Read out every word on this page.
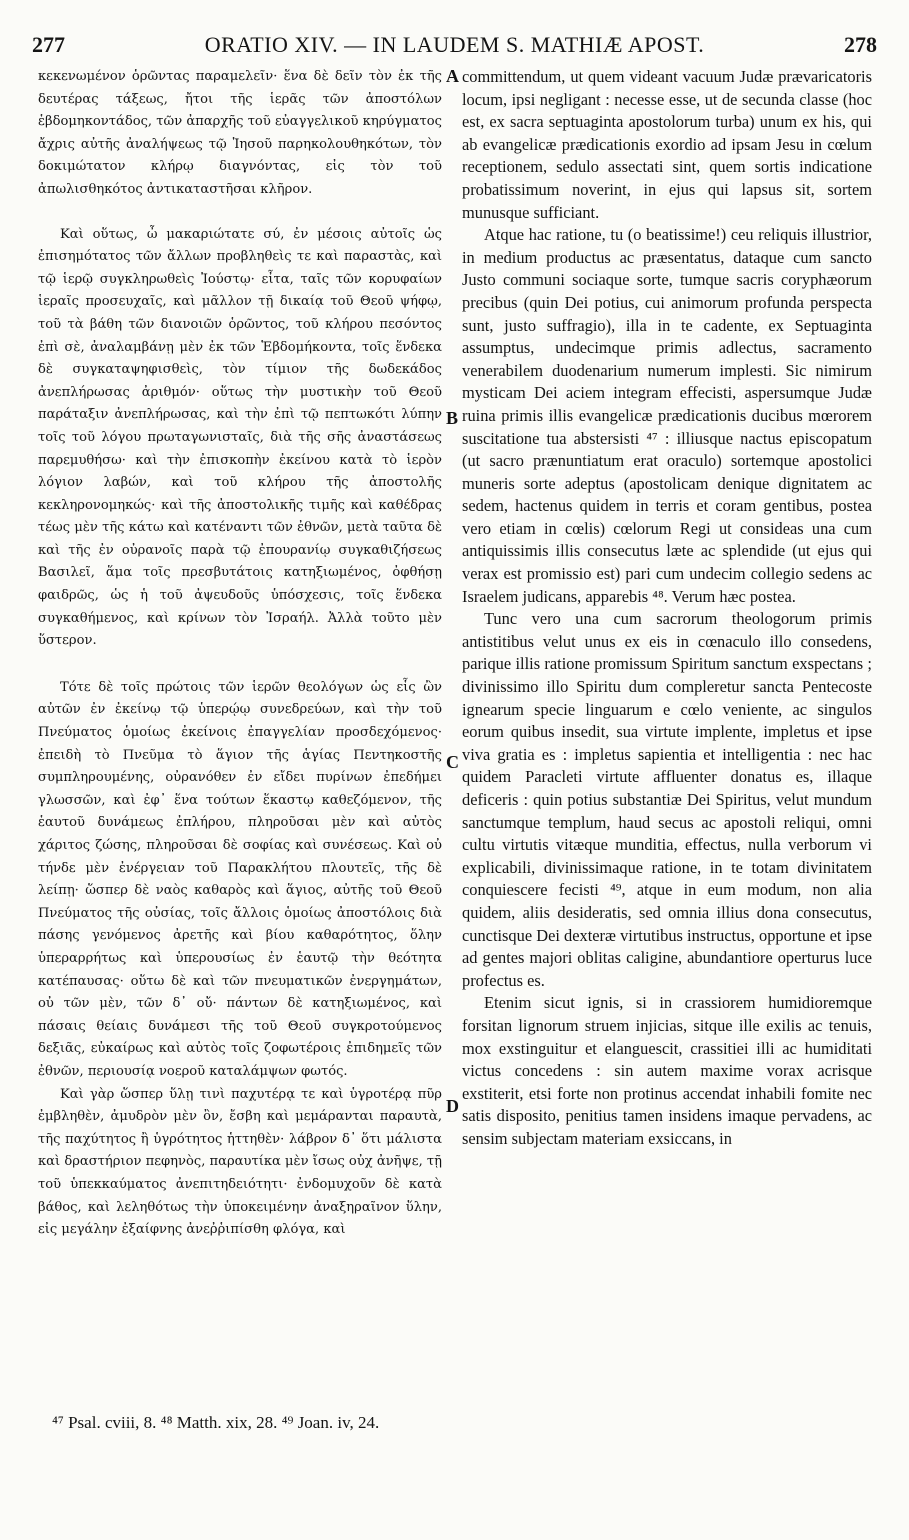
277	ORATIO XIV. — IN LAUDEM S. MATHIÆ APOST.	278

κεκενωμένον ὁρῶντας παραμελεῖν· ἕνα δὲ δεῖν τὸν ἐκ τῆς δευτέρας τάξεως, ἤτοι τῆς ἱερᾶς τῶν ἀποστόλων ἑβδομηκοντάδος, τῶν ἀπαρχῆς τοῦ εὐαγγελικοῦ κηρύγματος ἄχρις αὐτῆς ἀναλήψεως τῷ Ἰησοῦ παρηκολουθηκότων, τὸν δοκιμώτατον κλήρῳ διαγνόντας, εἰς τὸν τοῦ ἀπωλισθηκότος ἀντικαταστῆσαι κλῆρον.

Καὶ οὕτως, ὦ μακαριώτατε σύ, ἐν μέσοις αὐτοῖς ὡς ἐπισημότατος τῶν ἄλλων προβληθεὶς τε καὶ παραστὰς, καὶ τῷ ἱερῷ συγκληρωθεὶς Ἰούστῳ· εἶτα, ταῖς τῶν κορυφαίων ἱεραῖς προσευχαῖς, καὶ μᾶλλον τῇ δικαίᾳ τοῦ Θεοῦ ψήφῳ, τοῦ τὰ βάθη τῶν διανοιῶν ὁρῶντος, τοῦ κλήρου πεσόντος ἐπὶ σὲ, ἀναλαμβάνῃ μὲν ἐκ τῶν Ἑβδομήκοντα, τοῖς ἕνδεκα δὲ συγκαταψηφισθεὶς, τὸν τίμιον τῆς δωδεκάδος ἀνεπλήρωσας ἀριθμόν· οὕτως τὴν μυστικὴν τοῦ Θεοῦ παράταξιν ἀνεπλήρωσας, καὶ τὴν ἐπὶ τῷ πεπτωκότι λύπην τοῖς τοῦ λόγου πρωταγωνισταῖς, διὰ τῆς σῆς ἀναστάσεως παρεμυθήσω· καὶ τὴν ἐπισκοπὴν ἐκείνου κατὰ τὸ ἱερὸν λόγιον λαβών, καὶ τοῦ κλήρου τῆς ἀποστολῆς κεκληρονομηκώς· καὶ τῆς ἀποστολικῆς τιμῆς καὶ καθέδρας τέως μὲν τῆς κάτω καὶ κατέναντι τῶν ἐθνῶν, μετὰ ταῦτα δὲ καὶ τῆς ἐν οὐρανοῖς παρὰ τῷ ἐπουρανίῳ συγκαθιζήσεως Βασιλεῖ, ἅμα τοῖς πρεσβυτάτοις κατηξιωμένος, ὀφθήσῃ φαιδρῶς, ὡς ἡ τοῦ ἀψευδοῦς ὑπόσχεσις, τοῖς ἕνδεκα συγκαθήμενος, καὶ κρίνων τὸν Ἰσραήλ. Ἀλλὰ τοῦτο μὲν ὕστερον.

Τότε δὲ τοῖς πρώτοις τῶν ἱερῶν θεολόγων ὡς εἷς ὢν αὐτῶν ἐν ἐκείνῳ τῷ ὑπερῴῳ συνεδρεύων, καὶ τὴν τοῦ Πνεύματος ὁμοίως ἐκείνοις ἐπαγγελίαν προσδεχόμενος· ἐπειδὴ τὸ Πνεῦμα τὸ ἅγιον τῆς ἁγίας Πεντηκοστῆς συμπληρουμένης, οὐρανόθεν ἐν εἴδει πυρίνων ἐπεδήμει γλωσσῶν, καὶ ἐφ᾽ ἕνα τούτων ἕκαστῳ καθεζόμενον, τῆς ἑαυτοῦ δυνάμεως ἐπλήρου, πληροῦσαι μὲν καὶ αὐτὸς χάριτος ζώσης, πληροῦσαι δὲ σοφίας καὶ συνέσεως. Καὶ οὐ τήνδε μὲν ἐνέργειαν τοῦ Παρακλήτου πλουτεῖς, τῆς δὲ λείπῃ· ὥσπερ δὲ ναὸς καθαρὸς καὶ ἅγιος, αὐτῆς τοῦ Θεοῦ Πνεύματος τῆς οὐσίας, τοῖς ἄλλοις ὁμοίως ἀποστόλοις διὰ πάσης γενόμενος ἀρετῆς καὶ βίου καθαρότητος, ὅλην ὑπεραρρήτως καὶ ὑπερουσίως ἐν ἑαυτῷ τὴν θεότητα κατέπαυσας· οὕτω δὲ καὶ τῶν πνευματικῶν ἐνεργημάτων, οὐ τῶν μὲν, τῶν δ᾽ οὔ· πάντων δὲ κατηξιωμένος, καὶ πάσαις θείαις δυνάμεσι τῆς τοῦ Θεοῦ συγκροτούμενος δεξιᾶς, εὐκαίρως καὶ αὐτὸς τοῖς ζοφωτέροις ἐπιδημεῖς τῶν ἐθνῶν, περιουσίᾳ νοεροῦ καταλάμψων φωτός.

Καὶ γὰρ ὥσπερ ὕλῃ τινὶ παχυτέρᾳ τε καὶ ὑγροτέρᾳ πῦρ ἐμβληθὲν, ἀμυδρὸν μὲν ὂν, ἔσβη καὶ μεμάρανται παραυτὰ, τῆς παχύτητος ἢ ὑγρότητος ἡττηθὲν· λάβρον δ᾽ ὅτι μάλιστα καὶ δραστήριον πεφηνὸς, παραυτίκα μὲν ἴσως οὐχ ἀνῆψε, τῇ τοῦ ὑπεκκαύματος ἀνεπιτηδειότητι· ἐνδομυχοῦν δὲ κατὰ βάθος, καὶ λεληθότως τὴν ὑποκειμένην ἀναξηραῖνον ὕλην, εἰς μεγάλην ἐξαίφνης ἀνεῤῥιπίσθη φλόγα, καὶ

A
B
C
D

committendum, ut quem videant vacuum Judæ prævaricatoris locum, ipsi negligant : necesse esse, ut de secunda classe (hoc est, ex sacra septuaginta apostolorum turba) unum ex his, qui ab evangelicæ prædicationis exordio ad ipsam Jesu in cœlum receptionem, sedulo assectati sint, quem sortis indicatione probatissimum noverint, in ejus qui lapsus sit, sortem munusque sufficiant.

Atque hac ratione, tu (o beatissime!) ceu reliquis illustrior, in medium productus ac præsentatus, dataque cum sancto Justo communi sociaque sorte, tumque sacris coryphæorum precibus (quin Dei potius, cui animorum profunda perspecta sunt, justo suffragio), illa in te cadente, ex Septuaginta assumptus, undecimque primis adlectus, sacramento venerabilem duodenarium numerum implesti. Sic nimirum mysticam Dei aciem integram effecisti, aspersumque Judæ ruina primis illis evangelicæ prædicationis ducibus mœrorem suscitatione tua abstersisti ⁴⁷ : illiusque nactus episcopatum (ut sacro prænuntiatum erat oraculo) sortemque apostolici muneris sorte adeptus (apostolicam denique dignitatem ac sedem, hactenus quidem in terris et coram gentibus, postea vero etiam in cœlis) cœlorum Regi ut consideas una cum antiquissimis illis consecutus læte ac splendide (ut ejus qui verax est promissio est) pari cum undecim collegio sedens ac Israelem judicans, apparebis ⁴⁸. Verum hæc postea.

Tunc vero una cum sacrorum theologorum primis antistitibus velut unus ex eis in cœnaculo illo consedens, parique illis ratione promissum Spiritum sanctum exspectans ; divinissimo illo Spiritu dum compleretur sancta Pentecoste ignearum specie linguarum e cœlo veniente, ac singulos eorum quibus insedit, sua virtute implente, impletus et ipse viva gratia es : impletus sapientia et intelligentia : nec hac quidem Paracleti virtute affluenter donatus es, illaque deficeris : quin potius substantiæ Dei Spiritus, velut mundum sanctumque templum, haud secus ac apostoli reliqui, omni cultu virtutis vitæque munditia, effectus, nulla verborum vi explicabili, divinissimaque ratione, in te totam divinitatem conquiescere fecisti ⁴⁹, atque in eum modum, non alia quidem, aliis desideratis, sed omnia illius dona consecutus, cunctisque Dei dexteræ virtutibus instructus, opportune et ipse ad gentes majori oblitas caligine, abundantiore operturus luce profectus es.

Etenim sicut ignis, si in crassiorem humidioremque forsitan lignorum struem injicias, sitque ille exilis ac tenuis, mox exstinguitur et elanguescit, crassitiei illi ac humiditati victus concedens : sin autem maxime vorax acrisque exstiterit, etsi forte non protinus accendat inhabili fomite nec satis disposito, penitius tamen insidens imaque pervadens, ac sensim subjectam materiam exsiccans, in

⁴⁷ Psal. cviii, 8. ⁴⁸ Matth. xix, 28. ⁴⁹ Joan. iv, 24.
